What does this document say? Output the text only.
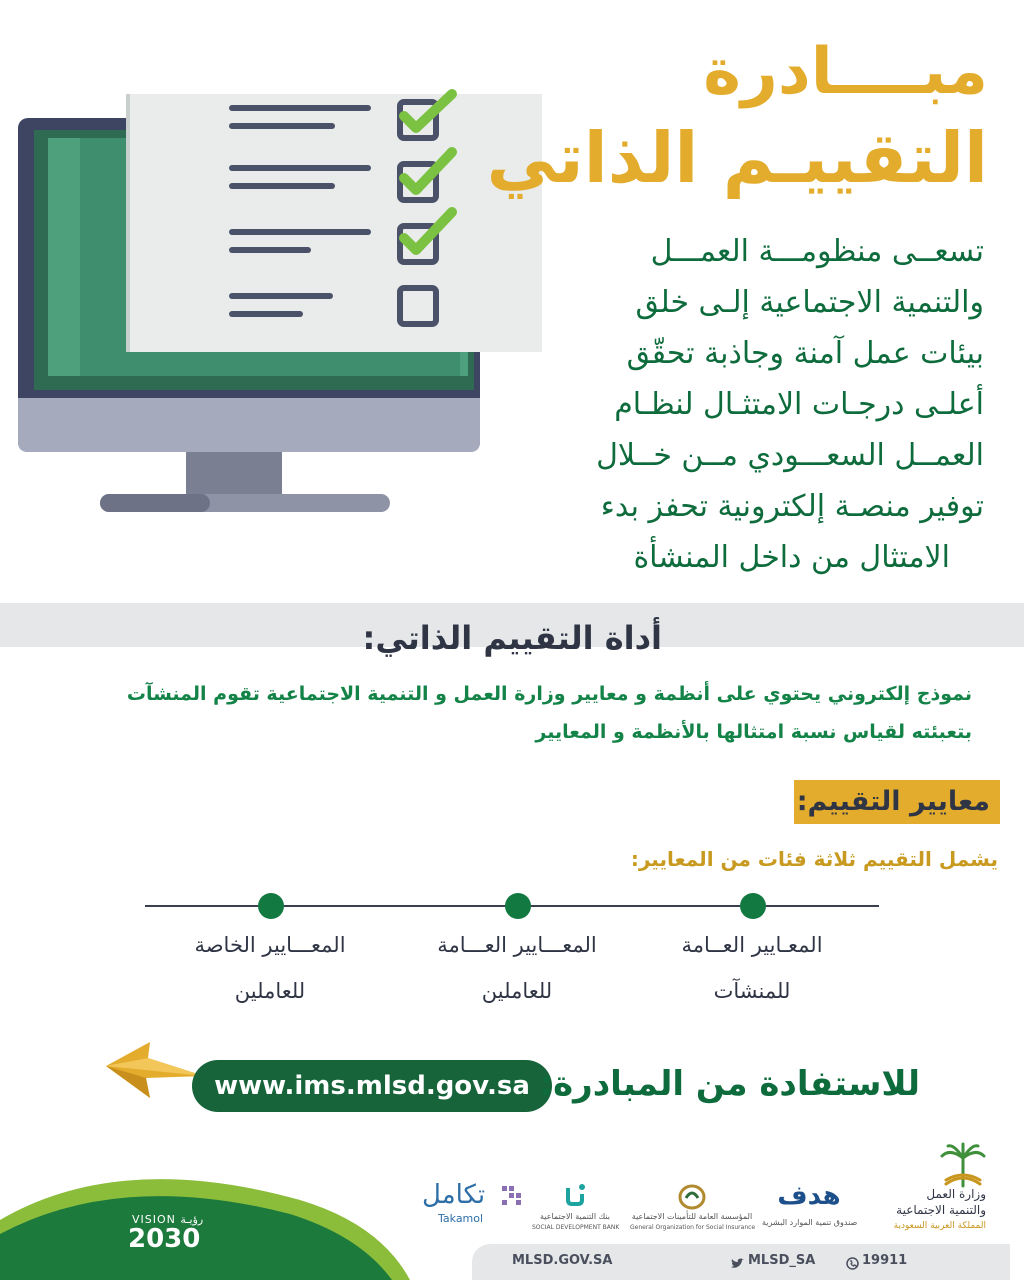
مبــــادرة
التقييـم الذاتي
تسعــى منظومـــة العمـــل
والتنمية الاجتماعية إلـى خلق
بيئات عمل آمنة وجاذبة تحقّق
أعلـى درجـات الامتثـال لنظـام
العمــل السعـــودي مــن خــلال
توفير منصـة إلكترونية تحفز بدء
الامتثال من داخل المنشأة
أداة التقييم الذاتي:
نموذج إلكتروني يحتوي على أنظمة و معايير وزارة العمل و التنمية الاجتماعية تقوم المنشآت
بتعبئته لقياس نسبة امتثالها بالأنظمة و المعايير
معايير التقييم:
يشمل التقييم ثلاثة فئات من المعايير:
المعـايير العــامة
للمنشآت
المعـــايير العـــامة
للعاملين
المعـــايير الخاصة
للعاملين
www.ims.mlsd.gov.sa للاستفادة من المبادرة:
VISION رؤيـة
2030
تكامل
Takamol	بنك التنمية الاجتماعية
SOCIAL DEVELOPMENT BANK
المؤسسة العامة للتأمينات الاجتماعية
General Organization for Social Insurance
هدف
صندوق تنمية الموارد البشرية
وزارة العمل
والتنمية الاجتماعية
المملكة العربية السعودية
MLSD.GOV.SA	MLSD_SA	19911
